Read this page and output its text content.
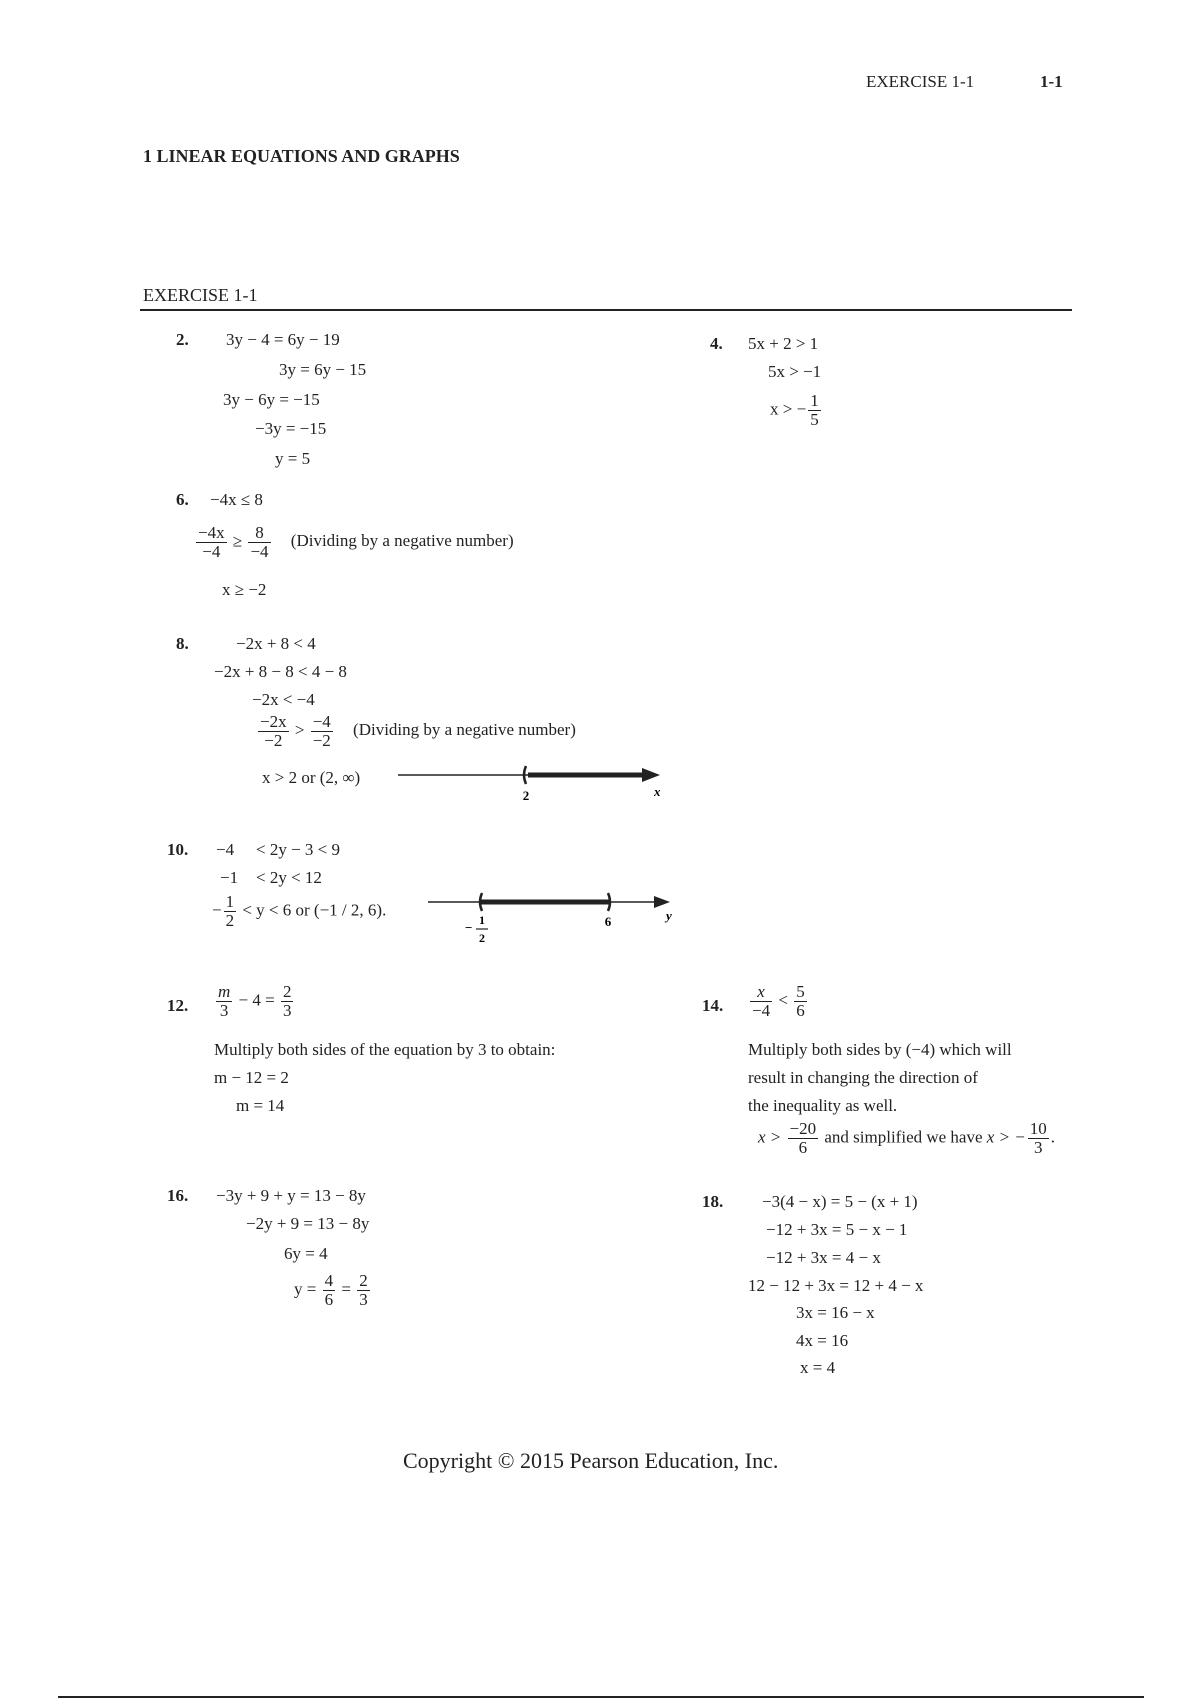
EXERCISE 1-1	1-1
1 LINEAR EQUATIONS AND GRAPHS
EXERCISE 1-1
2. 3y − 4 = 6y − 19
3y = 6y − 15
3y − 6y = −15
−3y = −15
y = 5
4. 5x + 2 > 1
5x > −1
x > − $\frac{1}{5}$
6. −4x ≤ 8
$\frac{-4x}{-4} \ge \frac{8}{-4}$ (Dividing by a negative number)
x ≥ −2
8.	−2x + 8 < 4
−2x + 8 − 8 < 4 − 8
−2x < −4
$\frac{-2x}{-2} > \frac{-4}{-2}$ (Dividing by a negative number)
x > 2 or (2, ∞)
2	x
10. −4 < 2y − 3 < 9
−1 < 2y < 12
− $\frac{1}{2} < y < 6$ or (−1 / 2, 6).
− 1
2
6	y
12. $\frac{m}{3} - 4 = \frac{2}{3}$
Multiply both sides of the equation by 3 to obtain:
m − 12 = 2
m = 14
14. $\frac{x}{-4} < \frac{5}{6}$
Multiply both sides by (−4) which will
result in changing the direction of
the inequality as well.
$x > \frac{-20}{6}$ and simplified we have x > − $\frac{10}{3}$ .
16. −3y + 9 + y = 13 − 8y
−2y + 9 = 13 − 8y
6y = 4
$y = \frac{4}{6} = \frac{2}{3}$
18. −3(4 − x) = 5 − (x + 1)
−12 + 3x = 5 − x − 1
−12 + 3x = 4 − x
12 − 12 + 3x = 12 + 4 − x
3x = 16 − x
4x = 16
x = 4
Copyright © 2015 Pearson Education, Inc.
